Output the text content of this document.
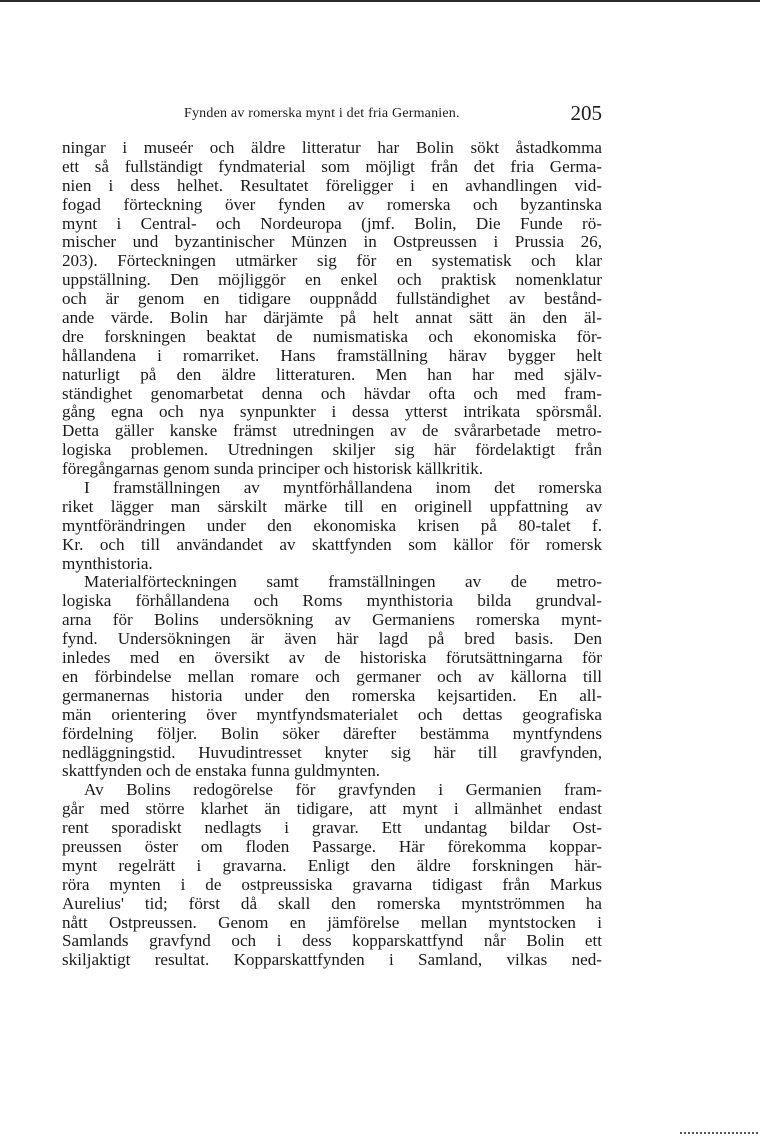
Fynden av romerska mynt i det fria Germanien.	205
ningar i museér och äldre litteratur har Bolin sökt åstadkomma
ett så fullständigt fyndmaterial som möjligt från det fria Germa-
nien i dess helhet. Resultatet föreligger i en avhandlingen vid-
fogad förteckning över fynden av romerska och byzantinska
mynt i Central- och Nordeuropa (jmf. Bolin, Die Funde rö-
mischer und byzantinischer Münzen in Ostpreussen i Prussia 26,
203). Förteckningen utmärker sig för en systematisk och klar
uppställning. Den möjliggör en enkel och praktisk nomenklatur
och är genom en tidigare ouppnådd fullständighet av bestånd-
ande värde. Bolin har därjämte på helt annat sätt än den äl-
dre forskningen beaktat de numismatiska och ekonomiska för-
hållandena i romarriket. Hans framställning härav bygger helt
naturligt på den äldre litteraturen. Men han har med själv-
ständighet genomarbetat denna och hävdar ofta och med fram-
gång egna och nya synpunkter i dessa ytterst intrikata spörsmål.
Detta gäller kanske främst utredningen av de svårarbetade metro-
logiska problemen. Utredningen skiljer sig här fördelaktigt från
föregångarnas genom sunda principer och historisk källkritik.
I framställningen av myntförhållandena inom det romerska
riket lägger man särskilt märke till en originell uppfattning av
myntförändringen under den ekonomiska krisen på 80-talet f.
Kr. och till användandet av skattfynden som källor för romersk
mynthistoria.
Materialförteckningen samt framställningen av de metro-
logiska förhållandena och Roms mynthistoria bilda grundval-
arna för Bolins undersökning av Germaniens romerska mynt-
fynd. Undersökningen är även här lagd på bred basis. Den
inledes med en översikt av de historiska förutsättningarna för
en förbindelse mellan romare och germaner och av källorna till
germanernas historia under den romerska kejsartiden. En all-
män orientering över myntfyndsmaterialet och dettas geografiska
fördelning följer. Bolin söker därefter bestämma myntfyndens
nedläggningstid. Huvudintresset knyter sig här till gravfynden,
skattfynden och de enstaka funna guldmynten.
Av Bolins redogörelse för gravfynden i Germanien fram-
går med större klarhet än tidigare, att mynt i allmänhet endast
rent sporadiskt nedlagts i gravar. Ett undantag bildar Ost-
preussen öster om floden Passarge. Här förekomma koppar-
mynt regelrätt i gravarna. Enligt den äldre forskningen här-
röra mynten i de ostpreussiska gravarna tidigast från Markus
Aurelius' tid; först då skall den romerska myntströmmen ha
nått Ostpreussen. Genom en jämförelse mellan myntstocken i
Samlands gravfynd och i dess kopparskattfynd når Bolin ett
skiljaktigt resultat. Kopparskattfynden i Samland, vilkas ned-
